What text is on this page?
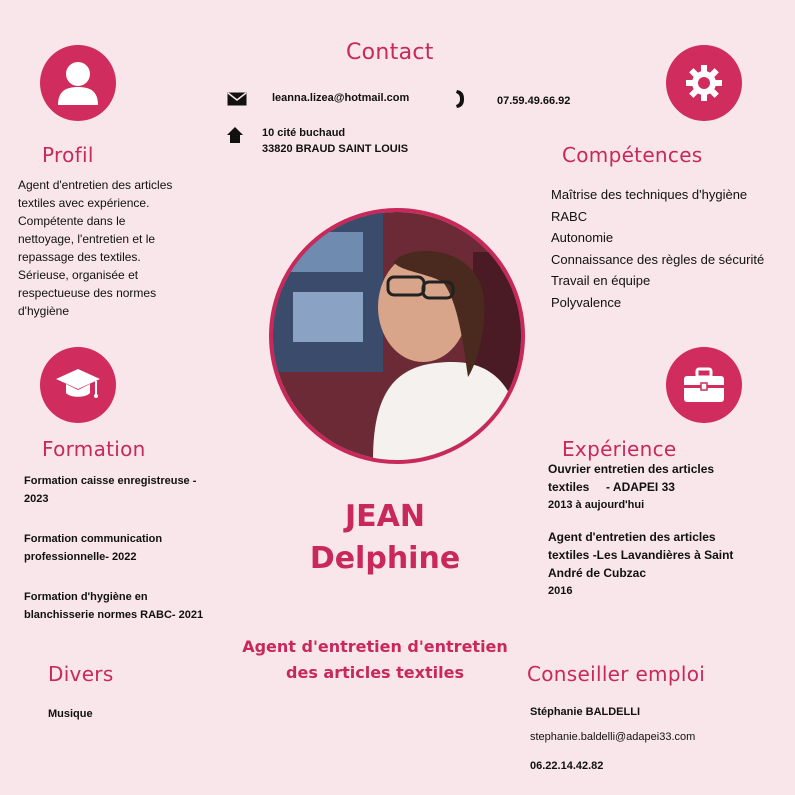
Contact
leanna.lizea@hotmail.com	07.59.49.66.92
10 cité buchaud
33820 BRAUD SAINT LOUIS
Profil
Agent d'entretien des articles
textiles avec expérience.
Compétente dans le
nettoyage, l'entretien et le
repassage des textiles.
Sérieuse, organisée et
respectueuse des normes
d'hygiène
Compétences
Maîtrise des techniques d'hygiène
RABC
Autonomie
Connaissance des règles de sécurité
Travail en équipe
Polyvalence
Formation
Formation caisse enregistreuse -
2023
Formation communication
professionnelle- 2022
Formation d'hygiène en
blanchisserie normes RABC- 2021
Expérience
Ouvrier entretien des articles
textiles     - ADAPEI 33
2013 à aujourd'hui
Agent d'entretien des articles
textiles -Les Lavandières à Saint
André de Cubzac
2016
JEAN
Delphine
Agent d'entretien d'entretien
des articles textiles
Divers
Musique
Conseiller emploi
Stéphanie BALDELLI
stephanie.baldelli@adapei33.com
06.22.14.42.82
